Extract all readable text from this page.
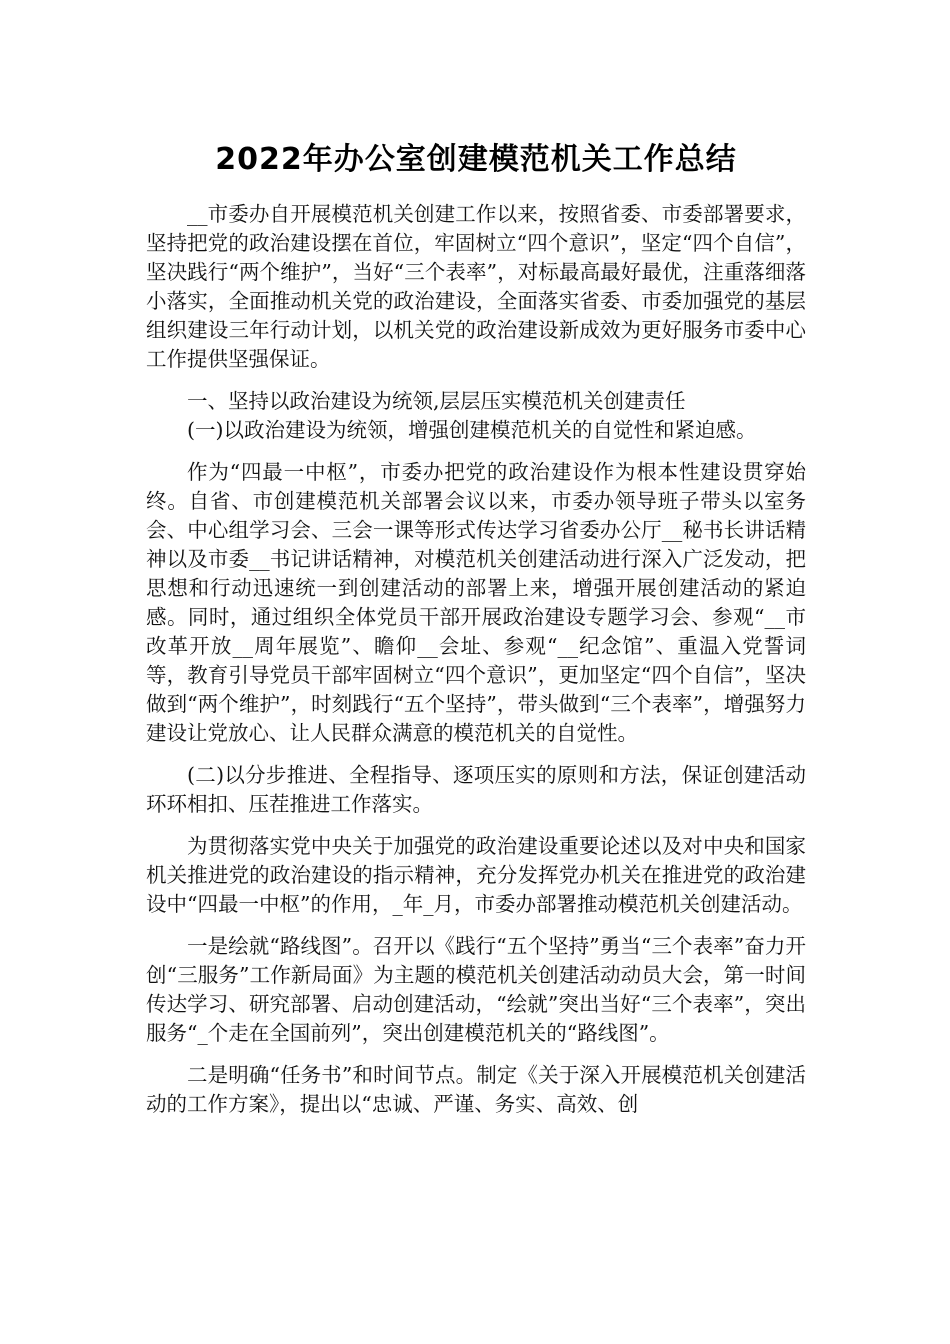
2022年办公室创建模范机关工作总结

__市委办自开展模范机关创建工作以来，按照省委、市委部署要求，坚持把党的政治建设摆在首位，牢固树立“四个意识”，坚定“四个自信”，坚决践行“两个维护”，当好“三个表率”，对标最高最好最优，注重落细落小落实，全面推动机关党的政治建设，全面落实省委、市委加强党的基层组织建设三年行动计划，以机关党的政治建设新成效为更好服务市委中心工作提供坚强保证。

一、坚持以政治建设为统领,层层压实模范机关创建责任

(一)以政治建设为统领，增强创建模范机关的自觉性和紧迫感。

作为“四最一中枢”，市委办把党的政治建设作为根本性建设贯穿始终。自省、市创建模范机关部署会议以来，市委办领导班子带头以室务会、中心组学习会、三会一课等形式传达学习省委办公厅__秘书长讲话精神以及市委__书记讲话精神，对模范机关创建活动进行深入广泛发动，把思想和行动迅速统一到创建活动的部署上来，增强开展创建活动的紧迫感。同时，通过组织全体党员干部开展政治建设专题学习会、参观“__市改革开放__周年展览”、瞻仰__会址、参观“__纪念馆”、重温入党誓词等，教育引导党员干部牢固树立“四个意识”，更加坚定“四个自信”，坚决做到“两个维护”，时刻践行“五个坚持”，带头做到“三个表率”，增强努力建设让党放心、让人民群众满意的模范机关的自觉性。

(二)以分步推进、全程指导、逐项压实的原则和方法，保证创建活动环环相扣、压茬推进工作落实。

为贯彻落实党中央关于加强党的政治建设重要论述以及对中央和国家机关推进党的政治建设的指示精神，充分发挥党办机关在推进党的政治建设中“四最一中枢”的作用，_年_月，市委办部署推动模范机关创建活动。

一是绘就“路线图”。召开以《践行“五个坚持”勇当“三个表率”奋力开创“三服务”工作新局面》为主题的模范机关创建活动动员大会，第一时间传达学习、研究部署、启动创建活动，“绘就”突出当好“三个表率”，突出服务“_个走在全国前列”，突出创建模范机关的“路线图”。

二是明确“任务书”和时间节点。制定《关于深入开展模范机关创建活动的工作方案》，提出以“忠诚、严谨、务实、高效、创
